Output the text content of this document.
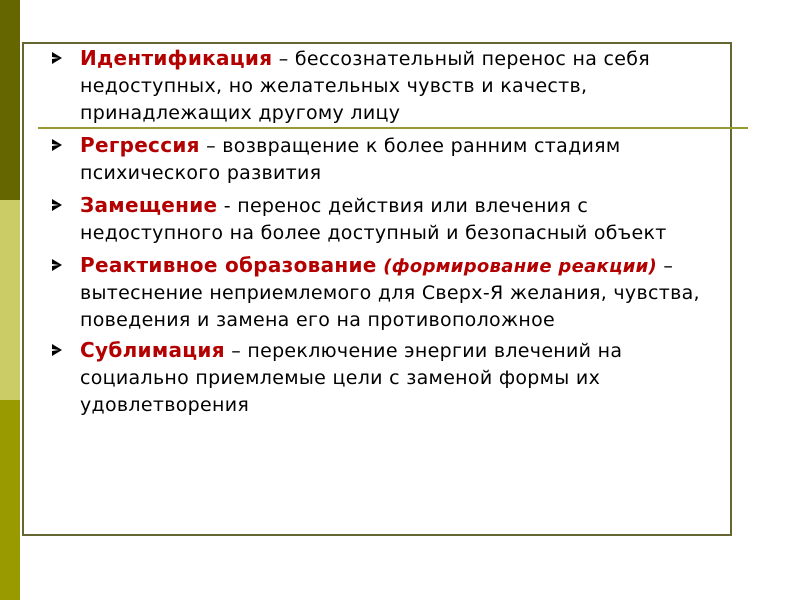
Идентификация – бессознательный перенос на себя недоступных, но желательных чувств и качеств, принадлежащих другому лицу
Регрессия – возвращение к более ранним стадиям психического развития
Замещение - перенос действия или влечения с недоступного на более доступный и безопасный объект
Реактивное образование (формирование реакции) – вытеснение неприемлемого для Сверх-Я желания, чувства, поведения и замена его на противоположное
Сублимация – переключение энергии влечений на социально приемлемые цели с заменой формы их удовлетворения
